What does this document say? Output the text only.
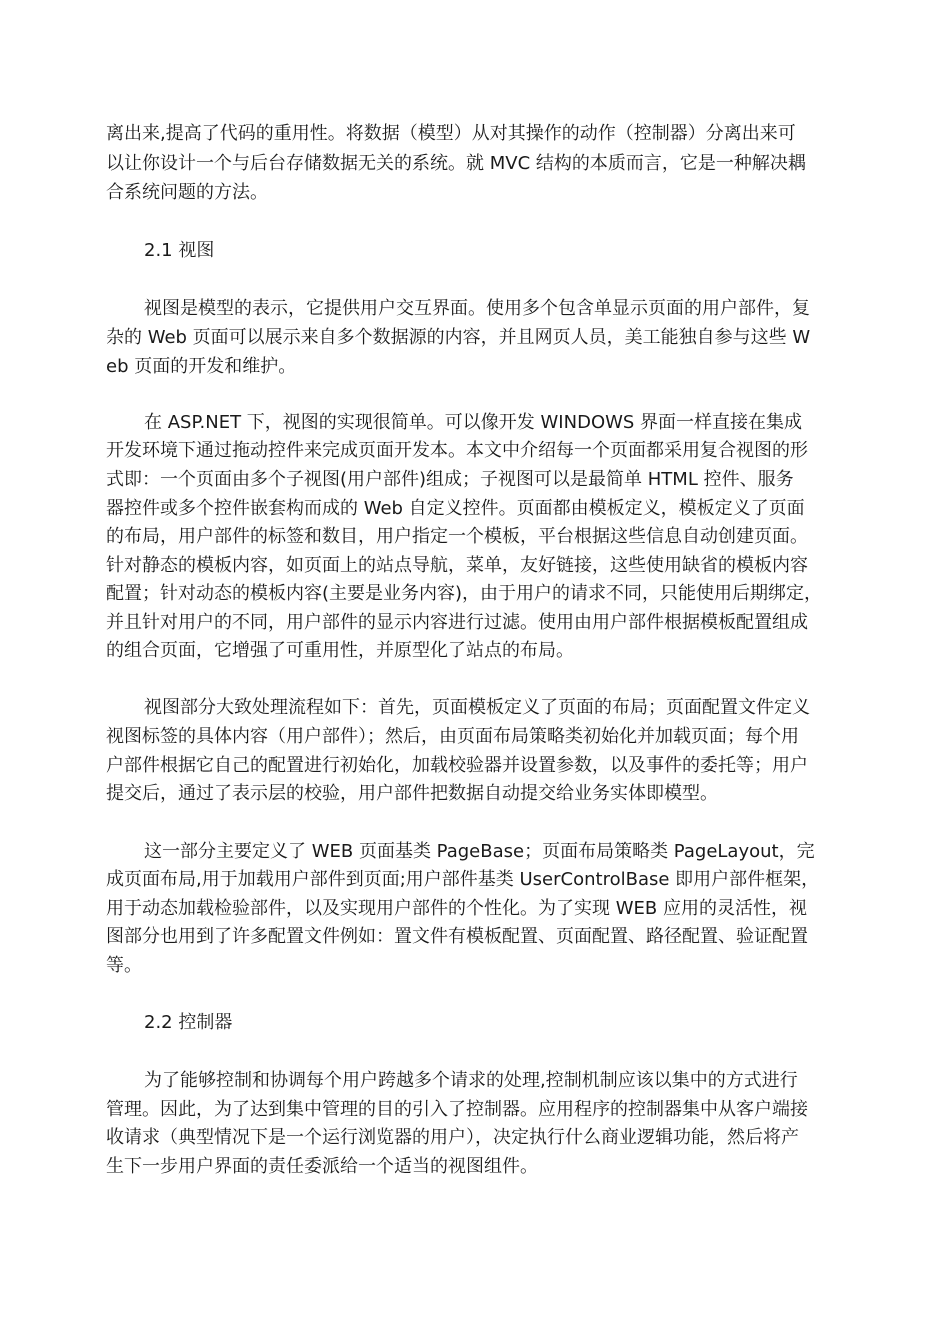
离出来,提高了代码的重用性。将数据（模型）从对其操作的动作（控制器）分离出来可
以让你设计一个与后台存储数据无关的系统。就 MVC 结构的本质而言，它是一种解决耦
合系统问题的方法。
2.1 视图
视图是模型的表示，它提供用户交互界面。使用多个包含单显示页面的用户部件，复
杂的 Web 页面可以展示来自多个数据源的内容，并且网页人员，美工能独自参与这些 W
eb 页面的开发和维护。
在 ASP.NET 下，视图的实现很简单。可以像开发 WINDOWS 界面一样直接在集成
开发环境下通过拖动控件来完成页面开发本。本文中介绍每一个页面都采用复合视图的形
式即：一个页面由多个子视图(用户部件)组成；子视图可以是最简单 HTML 控件、服务
器控件或多个控件嵌套构而成的 Web 自定义控件。页面都由模板定义，模板定义了页面
的布局，用户部件的标签和数目，用户指定一个模板，平台根据这些信息自动创建页面。
针对静态的模板内容，如页面上的站点导航，菜单，友好链接，这些使用缺省的模板内容
配置；针对动态的模板内容(主要是业务内容)，由于用户的请求不同，只能使用后期绑定，
并且针对用户的不同，用户部件的显示内容进行过滤。使用由用户部件根据模板配置组成
的组合页面，它增强了可重用性，并原型化了站点的布局。
视图部分大致处理流程如下：首先，页面模板定义了页面的布局；页面配置文件定义
视图标签的具体内容（用户部件）；然后，由页面布局策略类初始化并加载页面；每个用
户部件根据它自己的配置进行初始化，加载校验器并设置参数，以及事件的委托等；用户
提交后，通过了表示层的校验，用户部件把数据自动提交给业务实体即模型。
这一部分主要定义了 WEB 页面基类 PageBase；页面布局策略类 PageLayout，完
成页面布局,用于加载用户部件到页面;用户部件基类 UserControlBase 即用户部件框架，
用于动态加载检验部件，以及实现用户部件的个性化。为了实现 WEB 应用的灵活性，视
图部分也用到了许多配置文件例如：置文件有模板配置、页面配置、路径配置、验证配置
等。
2.2 控制器
为了能够控制和协调每个用户跨越多个请求的处理,控制机制应该以集中的方式进行
管理。因此，为了达到集中管理的目的引入了控制器。应用程序的控制器集中从客户端接
收请求（典型情况下是一个运行浏览器的用户），决定执行什么商业逻辑功能，然后将产
生下一步用户界面的责任委派给一个适当的视图组件。
